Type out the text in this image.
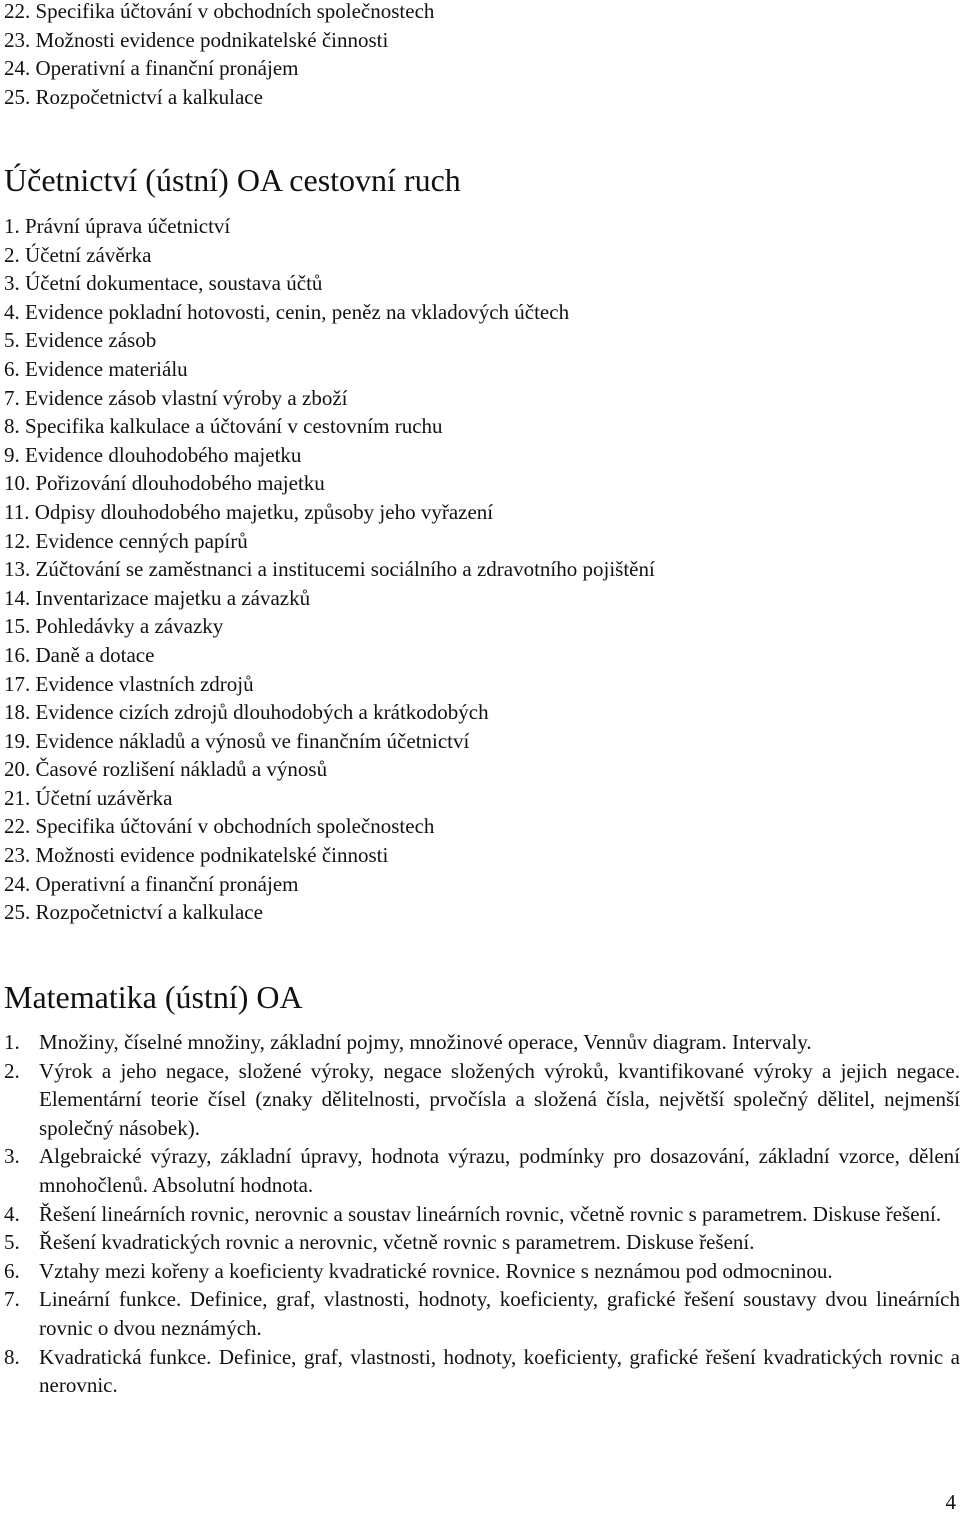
22. Specifika účtování v obchodních společnostech
23. Možnosti evidence podnikatelské činnosti
24. Operativní a finanční pronájem
25. Rozpočetnictví a kalkulace
Účetnictví (ústní) OA cestovní ruch
1. Právní úprava účetnictví
2. Účetní závěrka
3. Účetní dokumentace, soustava účtů
4. Evidence pokladní hotovosti, cenin, peněz na vkladových účtech
5. Evidence zásob
6. Evidence materiálu
7. Evidence zásob vlastní výroby a zboží
8. Specifika kalkulace a účtování v cestovním ruchu
9. Evidence dlouhodobého majetku
10. Pořizování dlouhodobého majetku
11. Odpisy dlouhodobého majetku, způsoby jeho vyřazení
12. Evidence cenných papírů
13. Zúčtování se zaměstnanci a institucemi sociálního a zdravotního pojištění
14. Inventarizace majetku a závazků
15. Pohledávky a závazky
16. Daně a dotace
17. Evidence vlastních zdrojů
18. Evidence cizích zdrojů dlouhodobých a krátkodobých
19. Evidence nákladů a výnosů ve finančním účetnictví
20. Časové rozlišení nákladů a výnosů
21. Účetní uzávěrka
22. Specifika účtování v obchodních společnostech
23. Možnosti evidence podnikatelské činnosti
24. Operativní a finanční pronájem
25. Rozpočetnictví a kalkulace
Matematika (ústní) OA
1. Množiny, číselné množiny, základní pojmy, množinové operace, Vennův diagram. Intervaly.
2. Výrok a jeho negace, složené výroky, negace složených výroků, kvantifikované výroky a jejich negace. Elementární teorie čísel (znaky dělitelnosti, prvočísla a složená čísla, největší společný dělitel, nejmenší společný násobek).
3. Algebraické výrazy, základní úpravy, hodnota výrazu, podmínky pro dosazování, základní vzorce, dělení mnohočlenů. Absolutní hodnota.
4. Řešení lineárních rovnic, nerovnic a soustav lineárních rovnic, včetně rovnic s parametrem. Diskuse řešení.
5. Řešení kvadratických rovnic a nerovnic, včetně rovnic s parametrem. Diskuse řešení.
6. Vztahy mezi kořeny a koeficienty kvadratické rovnice. Rovnice s neznámou pod odmocninou.
7. Lineární funkce. Definice, graf, vlastnosti, hodnoty, koeficienty, grafické řešení soustavy dvou lineárních rovnic o dvou neznámých.
8. Kvadratická funkce. Definice, graf, vlastnosti, hodnoty, koeficienty, grafické řešení kvadratických rovnic a nerovnic.
4
